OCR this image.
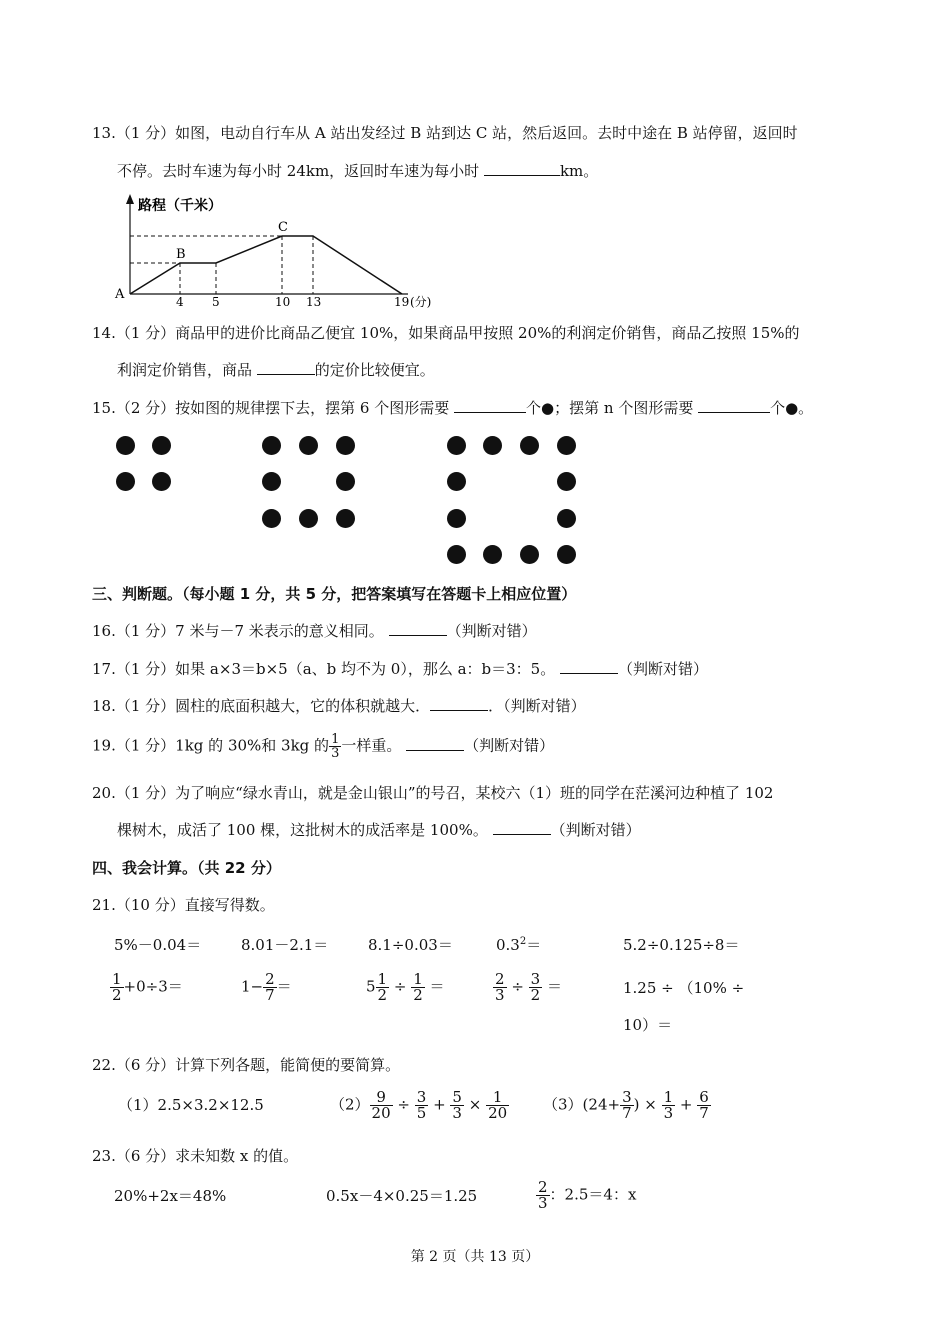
13.（1 分）如图，电动自行车从 A 站出发经过 B 站到达 C 站，然后返回。去时中途在 B 站停留，返回时
不停。去时车速为每小时 24km，返回时车速为每小时	km。
路程（千米）
A
B
C
4 5	10 13	19 (分)
14.（1 分）商品甲的进价比商品乙便宜 10%，如果商品甲按照 20%的利润定价销售，商品乙按照 15%的
利润定价销售，商品	的定价比较便宜。
15.（2 分）按如图的规律摆下去，摆第 6 个图形需要	个●；摆第 n 个图形需要	个●。
三、判断题。（每小题 1 分，共 5 分，把答案填写在答题卡上相应位置）
16.（1 分）7 米与－7 米表示的意义相同。	（判断对错）
17.（1 分）如果 a×3＝b×5（a、b 均不为 0），那么 a：b＝3：5。	（判断对错）
18.（1 分）圆柱的底面积越大，它的体积就越大．	．（判断对错）
19.（1 分）1kg 的 30%和 3kg 的 $\frac{1}{3}$ 一样重。	（判断对错）
20.（1 分）为了响应“绿水青山，就是金山银山”的号召，某校六（1）班的同学在茫溪河边种植了 102
棵树木，成活了 100 棵，这批树木的成活率是 100%。	（判断对错）
四、我会计算。（共 22 分）
21.（10 分）直接写得数。
5%－0.04＝	8.01－2.1＝	8.1÷0.03＝	$0.3^2=$	5.2÷0.125÷8＝
$\frac{1}{2} +0\div 3=$	$1- \frac{2}{7}$ ＝	$5 \frac{1}{2} \div \frac{1}{2}$ ＝	$\frac{2}{3} \div \frac{3}{2}$ ＝	1.25 ÷ （10% ÷
10）＝
22.（6 分）计算下列各题，能简便的要简算。
（1）2.5×3.2×12.5	$(2) \frac{9}{20} \div \frac{3}{5} + \frac{5}{3} \times \frac{1}{20} (3)(24+ \frac{3}{7}$ ) × $\frac{1}{3} + \frac{6}{7}$
23.（6 分）求未知数 x 的值。
20%+2x＝48%	0.5x－4×0.25＝1.25	$\frac{2}{3}$ ：2.5＝4：x
第 2 页（共 13 页）
